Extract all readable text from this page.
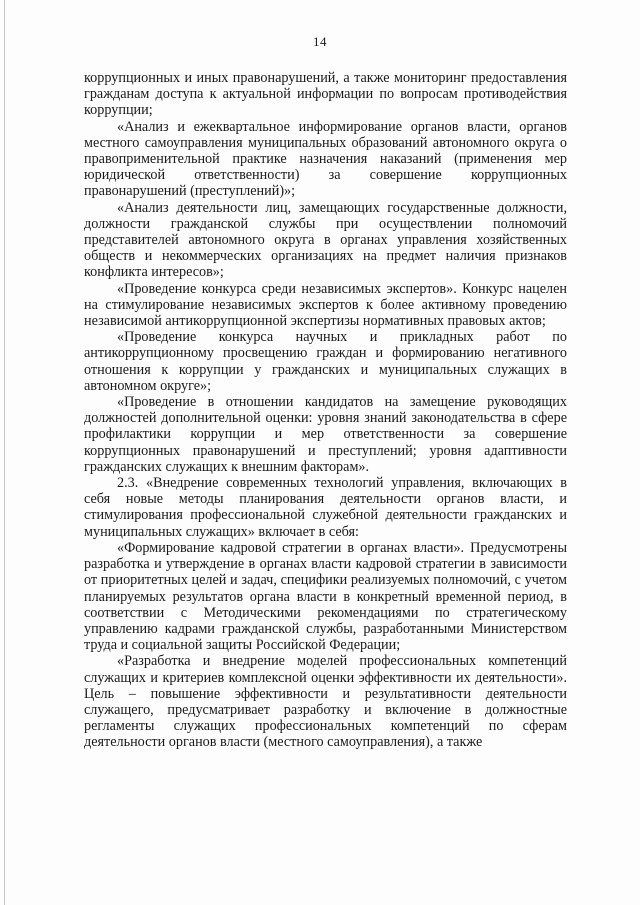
14

коррупционных и иных правонарушений, а также мониторинг предоставления гражданам доступа к актуальной информации по вопросам противодействия коррупции;

«Анализ и ежеквартальное информирование органов власти, органов местного самоуправления муниципальных образований автономного округа о правоприменительной практике назначения наказаний (применения мер юридической ответственности) за совершение коррупционных правонарушений (преступлений)»;

«Анализ деятельности лиц, замещающих государственные должности, должности гражданской службы при осуществлении полномочий представителей автономного округа в органах управления хозяйственных обществ и некоммерческих организациях на предмет наличия признаков конфликта интересов»;

«Проведение конкурса среди независимых экспертов». Конкурс нацелен на стимулирование независимых экспертов к более активному проведению независимой антикоррупционной экспертизы нормативных правовых актов;

«Проведение конкурса научных и прикладных работ по антикоррупционному просвещению граждан и формированию негативного отношения к коррупции у гражданских и муниципальных служащих в автономном округе»;

«Проведение в отношении кандидатов на замещение руководящих должностей дополнительной оценки: уровня знаний законодательства в сфере профилактики коррупции и мер ответственности за совершение коррупционных правонарушений и преступлений; уровня адаптивности гражданских служащих к внешним факторам».

2.3. «Внедрение современных технологий управления, включающих в себя новые методы планирования деятельности органов власти, и стимулирования профессиональной служебной деятельности гражданских и муниципальных служащих» включает в себя:

«Формирование кадровой стратегии в органах власти». Предусмотрены разработка и утверждение в органах власти кадровой стратегии в зависимости от приоритетных целей и задач, специфики реализуемых полномочий, с учетом планируемых результатов органа власти в конкретный временной период, в соответствии с Методическими рекомендациями по стратегическому управлению кадрами гражданской службы, разработанными Министерством труда и социальной защиты Российской Федерации;

«Разработка и внедрение моделей профессиональных компетенций служащих и критериев комплексной оценки эффективности их деятельности». Цель – повышение эффективности и результативности деятельности служащего, предусматривает разработку и включение в должностные регламенты служащих профессиональных компетенций по сферам деятельности органов власти (местного самоуправления), а также
